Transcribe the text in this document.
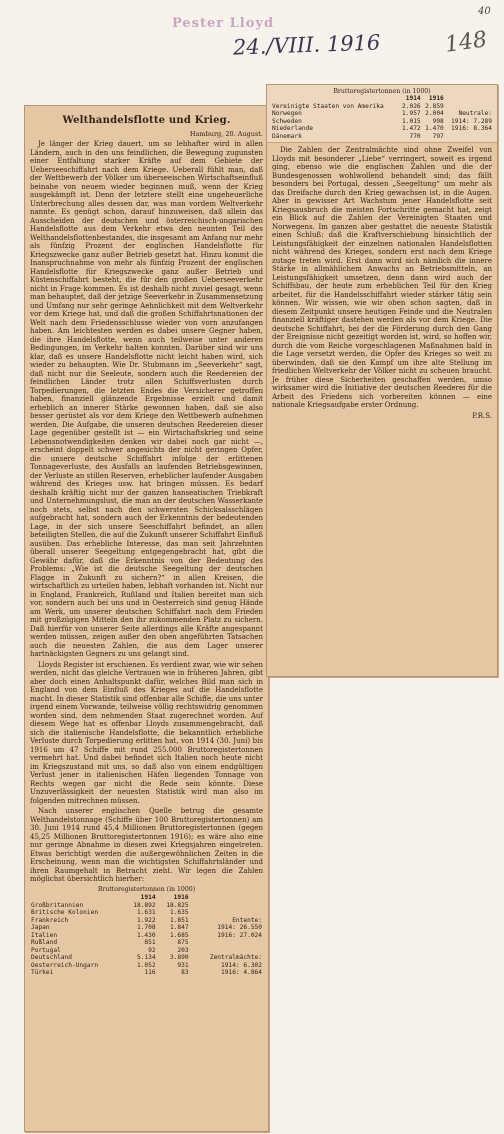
Pester Lloyd
24./VIII. 1916	148
40
Welthandelsflotte und Krieg.
Hamburg, 20. August.

Je länger der Krieg dauert, um so lebhafter wird in allen Ländern, auch in den uns feindlichen, die Bewegung zugunsten einer Entfaltung starker Kräfte auf dem Gebiete der Ueberseeschiffahrt nach dem Kriege. Ueberall fühlt man, daß der Wettbewerb der Völker um überseeischen Wirtschaftseinfluß beinahe von neuem wieder beginnen muß, wenn der Krieg ausgekämpft ist. Denn der letztere stellt eine ungeheuerliche Unterbrechung alles dessen dar, was man vordem Weltverkehr nannte. Es genügt schon, darauf hinzuweisen, daß allein das Ausscheiden der deutschen und österreichisch-ungarischen Handelsflotte aus dem Verkehr etwa den neunten Teil des Welthandelsflottenbestandes, die insgesamt am Anfang nur mehr als fünfzig Prozent der englischen Handelsflotte für Kriegszwecke ganz außer Betrieb gesetzt hat. Hinzu kommt die Inanspruchnahme von mehr als fünfzig Prozent der englischen Handelsflotte für Kriegszwecke ganz außer Betrieb und Küstenschiffahrt besteht, die für den großen Ueberseeverkehr nicht in Frage kommen. Es ist deshalb nicht zuviel gesagt, wenn man behauptet, daß der jetzige Seeverkehr in Zusammensetzung und Umfang nur sehr geringe Aehnlichkeit mit dem Weltverkehr vor dem Kriege hat, und daß die großen Schiffahrtsnationen der Welt nach dem Friedensschlusse wieder von vorn anzufangen haben. Am leichtesten werden es dabei unsere Gegner haben, die ihre Handelsflotte, wenn auch teilweise unter anderen Bedingungen, im Verkehr halten konnten. Darüber sind wir uns klar, daß es unsere Handelsflotte nicht leicht haben wird, sich wieder zu behaupten. Wie Dr. Stubmann im „Seeverkehr“ sagt, daß nicht nur die Seeleute, sondern auch die Reedereien der feindlichen Länder trotz allen Schiffsverlusten durch Torpedierungen, die letzten Endes die Versicherer getroffen haben, finanziell glänzende Ergebnisse erzielt und damit erheblich an innerer Stärke gewonnen haben, daß sie also besser gerüstet als vor dem Kriege den Wettbewerb aufnehmen werden. Die Aufgabe, die unseren deutschen Reedereien dieser Lage gegenüber gestellt ist — ein Wirtschaftskrieg und seine Lebensnotwendigkeiten denken wir dabei noch gar nicht —, erscheint doppelt schwer angesichts der nicht geringen Opfer, die unsere deutsche Schiffahrt infolge der erlittenen Tonnageverluste, des Ausfalls an laufenden Betriebsgewinnen, der Verluste an stillen Reserven, erheblicher laufender Ausgaben während des Krieges usw. hat bringen müssen. Es bedarf deshalb kräftig nicht nur der ganzen hanseatischen Triebkraft und Unternehmungslust, die man an der deutschen Wasserkante noch stets, selbst nach den schwersten Schicksalsschlägen aufgebracht hat, sondern auch der Erkenntnis der bedeutenden Lage, in der sich unsere Seeschiffahrt befindet, an allen beteiligten Stellen, die auf die Zukunft unserer Schiffahrt Einfluß ausüben. Das erhebliche Interesse, das man seit Jahrzehnten überall unserer Seegeltung entgegengebracht hat, gibt die Gewähr dafür, daß die Erkenntnis von der Bedeutung des Problems: „Wie ist die deutsche Seegeltung der deutschen Flagge in Zukunft zu sichern?“ in allen Kreisen, die wirtschaftlich zu urteilen haben, lebhaft vorhanden ist. Nicht nur in England, Frankreich, Rußland und Italien bereitet man sich vor, sondern auch bei uns und in Oesterreich sind genug Hände am Werk, um unserer deutschen Schiffahrt nach dem Frieden mit großzügigen Mitteln den ihr zukommenden Platz zu sichern. Daß hierfür von unserer Seite allerdings alle Kräfte angespannt werden müssen, zeigen außer den oben angeführten Tatsachen auch die neuesten Zahlen, die aus dem Lager unserer hartnäckigsten Gegners zu uns gelangt sind.

Lloyds Register ist erschienen. Es verdient zwar, wie wir sehen werden, nicht das gleiche Vertrauen wie in früheren Jahren, gibt aber doch einen Anhaltspunkt dafür, welches Bild man sich in England von dem Einfluß des Krieges auf die Handelsflotte macht. In dieser Statistik sind offenbar alle Schiffe, die uns unter irgend einem Vorwande, teilweise völlig rechtswidrig genommen worden sind, dem nehmenden Staat zugerechnet worden. Auf diesem Wege hat es offenbar Lloyds zusammengebracht, daß sich die italienische Handelsflotte, die bekanntlich erhebliche Verluste durch Torpedierung erlitten hat, von 1914 (30. Juni) bis 1916 um 47 Schiffe mit rund 255.000 Bruttoregistertonnen vermehrt hat. Und dabei befindet sich Italien noch heute nicht im Kriegszustand mit uns, so daß also von einem endgültigen Verlust jener in italienischen Häfen liegenden Tonnage von Rechts wegen gar nicht die Rede sein könnte. Diese Unzuverlässigkeit der neuesten Statistik wird man also im folgenden mitrechnen müssen.

Nach unserer englischen Quelle betrug die gesamte Welthandelstonnage (Schiffe über 100 Bruttoregistertonnen) am 30. Juni 1914 rund 45,4 Millionen Bruttoregistertonnen (gegen 45,25 Millionen Bruttoregistertonnen 1916); es wäre also eine nur geringe Abnahme in diesen zwei Kriegsjahren eingetreten. Etwas berichtigt werden die außergewöhnlichen Zeiten in die Erscheinung, wenn man die wichtigsten Schiffahrtsländer und ihren Raumgehalt in Betracht zieht. Wir legen die Zahlen möglichst übersichtlich hierher:

Bruttoregistertonnen (in 1000)
	1914	1916	
Großbritannien	18.892	18.825	
Britische Kolonien	1.631	1.635	
Frankreich	1.922	1.851	Entente:
Japan	1.708	1.847	1914: 26.550
Italien	1.430	1.685	1916: 27.024
Rußland	851	875	
Portugal	92	203	
Deutschland	5.134	3.890	Zentralmächte:
Oesterreich-Ungarn	1.052	931	1914: 6.302
Türkei	116	83	1916: 4.864
Bruttoregistertonnen (in 1000)
	1914	1916	
Vereinigte Staaten von Amerika	2.026	2.859	
Norwegen	1.957	2.004	Neutrale:
Schweden	1.015	998	1914: 7.289
Niederlande	1.472	1.470	1916: 8.364
Dänemark	770	797	

Die Zahlen der Zentralmächte sind ohne Zweifel von Lloyds mit besonderer „Liebe“ verringert, soweit es irgend ging, ebenso wie die englischen Zahlen und die der Bundesgenossen wohlwollend behandelt sind; das fällt besonders bei Portugal, dessen „Seegeltung“ um mehr als das Dreifache durch den Krieg gewachsen ist, in die Augen. Aber in gewisser Art Wachstum jener Handelsflotte seit Kriegsausbruch die meisten Fortschritte gemacht hat, zeigt ein Blick auf die Zahlen der Vereinigten Staaten und Norwegens. Im ganzen aber gestattet die neueste Statistik einen Schluß: daß die Kraftverschiebung hinsichtlich der Leistungsfähigkeit der einzelnen nationalen Handelsflotten nicht während des Krieges, sondern erst nach dem Kriege zutage treten wird. Erst dann wird sich nämlich die innere Stärke in allmählichem Anwachs an Betriebsmitteln, an Leistungsfähigkeit umsetzen, denn dann wird auch der Schiffsbau, der heute zum erheblichen Teil für den Krieg arbeitet, für die Handelsschiffahrt wieder stärker tätig sein können. Wir wissen, wie wir oben schon sagten, daß in diesem Zeitpunkt unsere heutigen Feinde und die Neutralen finanziell kräftiger dastehen werden als vor dem Kriege. Die deutsche Schiffahrt, bei der die Förderung durch den Gang der Ereignisse nicht gezeitigt worden ist, wird, so hoffen wir, durch die vom Reiche vorgeschlagenen Maßnahmen bald in die Lage versetzt werden, die Opfer des Krieges so weit zu überwinden, daß sie den Kampf um ihre alte Stellung im friedlichen Weltverkehr der Völker nicht zu scheuen braucht. Je früher diese Sicherheiten geschaffen werden, umso wirksamer wird die Initiative der deutschen Reederei für die Arbeit des Friedens sich vorbereiten können — eine nationale Kriegsaufgabe erster Ordnung.

P.R.S.
